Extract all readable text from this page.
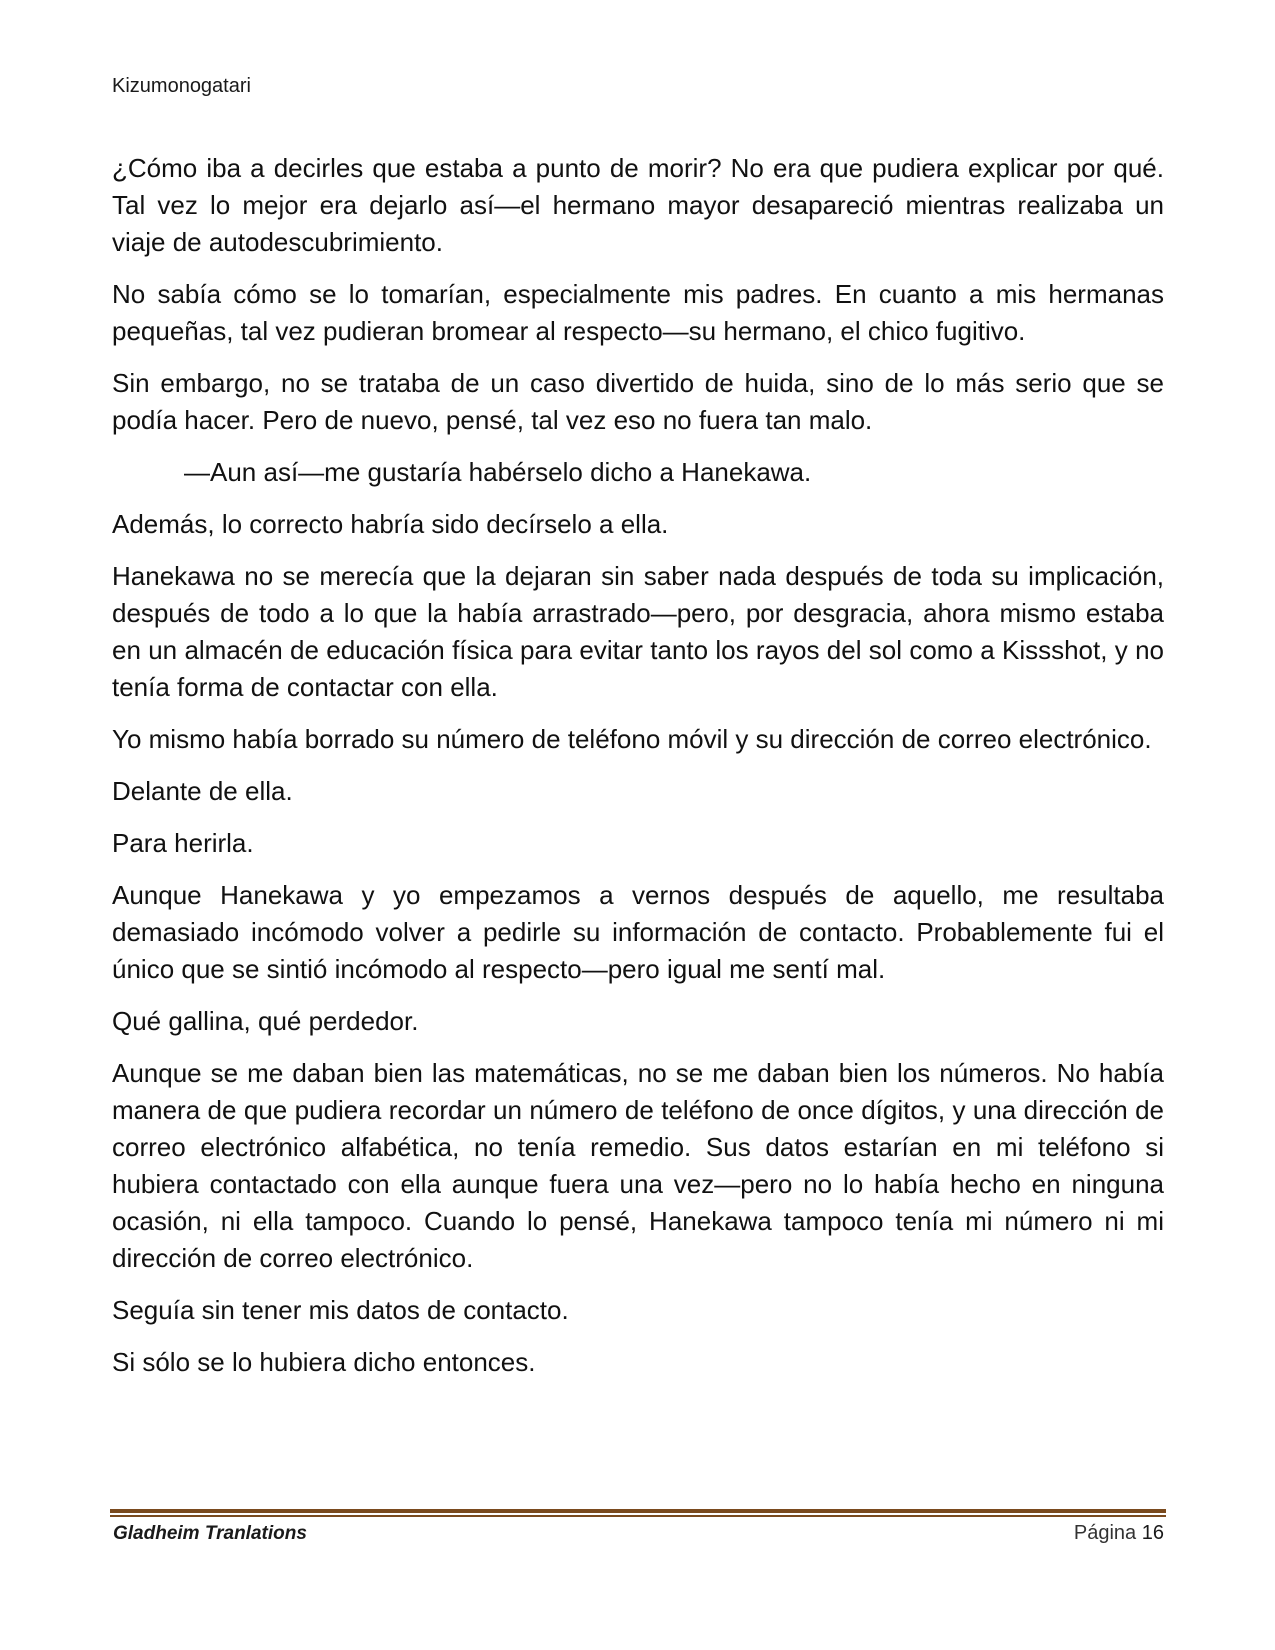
Kizumonogatari

¿Cómo iba a decirles que estaba a punto de morir? No era que pudiera explicar por qué. Tal vez lo mejor era dejarlo así—el hermano mayor desapareció mientras realizaba un viaje de autodescubrimiento.

No sabía cómo se lo tomarían, especialmente mis padres. En cuanto a mis hermanas pequeñas, tal vez pudieran bromear al respecto—su hermano, el chico fugitivo.

Sin embargo, no se trataba de un caso divertido de huida, sino de lo más serio que se podía hacer. Pero de nuevo, pensé, tal vez eso no fuera tan malo.

—Aun así—me gustaría habérselo dicho a Hanekawa.

Además, lo correcto habría sido decírselo a ella.

Hanekawa no se merecía que la dejaran sin saber nada después de toda su implicación, después de todo a lo que la había arrastrado—pero, por desgracia, ahora mismo estaba en un almacén de educación física para evitar tanto los rayos del sol como a Kissshot, y no tenía forma de contactar con ella.

Yo mismo había borrado su número de teléfono móvil y su dirección de correo electrónico.

Delante de ella.

Para herirla.

Aunque Hanekawa y yo empezamos a vernos después de aquello, me resultaba demasiado incómodo volver a pedirle su información de contacto. Probablemente fui el único que se sintió incómodo al respecto—pero igual me sentí mal.

Qué gallina, qué perdedor.

Aunque se me daban bien las matemáticas, no se me daban bien los números. No había manera de que pudiera recordar un número de teléfono de once dígitos, y una dirección de correo electrónico alfabética, no tenía remedio. Sus datos estarían en mi teléfono si hubiera contactado con ella aunque fuera una vez—pero no lo había hecho en ninguna ocasión, ni ella tampoco. Cuando lo pensé, Hanekawa tampoco tenía mi número ni mi dirección de correo electrónico.

Seguía sin tener mis datos de contacto.

Si sólo se lo hubiera dicho entonces.

Gladheim Tranlations	Página 16
